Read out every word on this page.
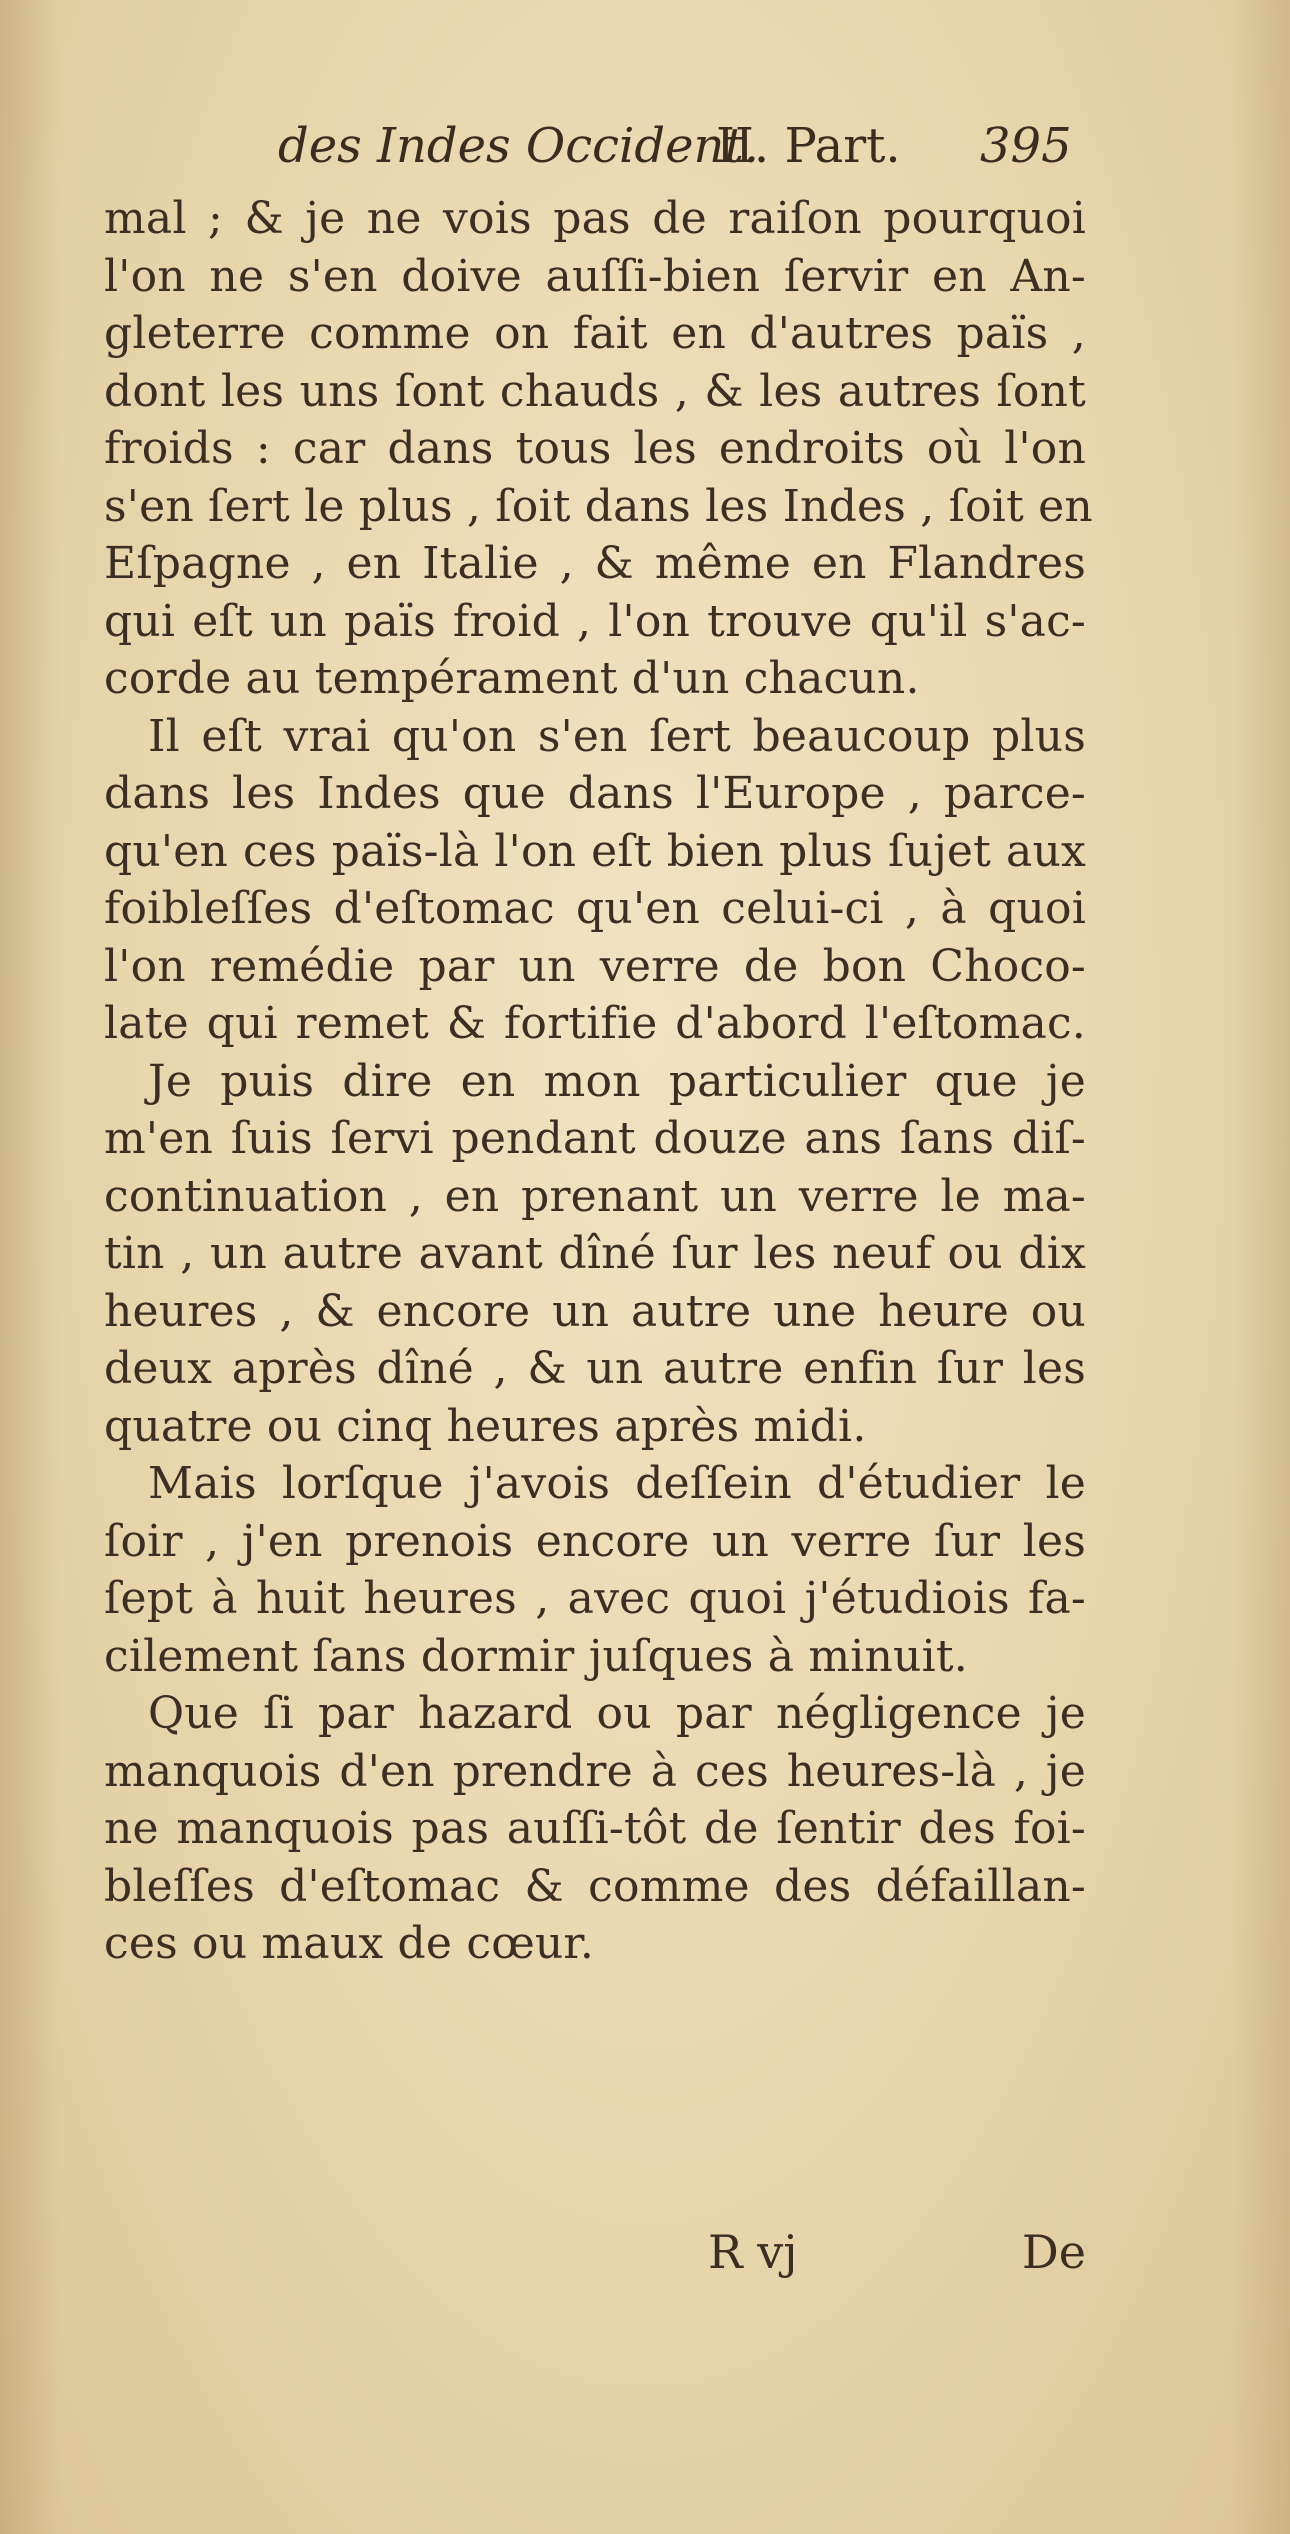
des Indes Occident.
II. Part. 395
mal ; & je ne vois pas de raiſon pourquoi
l'on ne s'en doive auſſi-bien ſervir en An-
gleterre comme on fait en d'autres païs ,
dont les uns ſont chauds , & les autres ſont
froids : car dans tous les endroits où l'on
s'en ſert le plus , ſoit dans les Indes , ſoit en
Eſpagne , en Italie , & même en Flandres
qui eſt un païs froid , l'on trouve qu'il s'ac-
corde au tempérament d'un chacun.
Il eſt vrai qu'on s'en ſert beaucoup plus
dans les Indes que dans l'Europe , parce-
qu'en ces païs-là l'on eſt bien plus ſujet aux
foibleſſes d'eſtomac qu'en celui-ci , à quoi
l'on remédie par un verre de bon Choco-
late qui remet & fortifie d'abord l'eſtomac.
Je puis dire en mon particulier que je
m'en ſuis ſervi pendant douze ans ſans diſ-
continuation , en prenant un verre le ma-
tin , un autre avant dîné ſur les neuf ou dix
heures , & encore un autre une heure ou
deux après dîné , & un autre enfin ſur les
quatre ou cinq heures après midi.
Mais lorſque j'avois deſſein d'étudier le
ſoir , j'en prenois encore un verre ſur les
ſept à huit heures , avec quoi j'étudiois fa-
cilement ſans dormir juſques à minuit.
Que ſi par hazard ou par négligence je
manquois d'en prendre à ces heures-là , je
ne manquois pas auſſi-tôt de ſentir des foi-
bleſſes d'eſtomac & comme des défaillan-
ces ou maux de cœur.
R vj	De
